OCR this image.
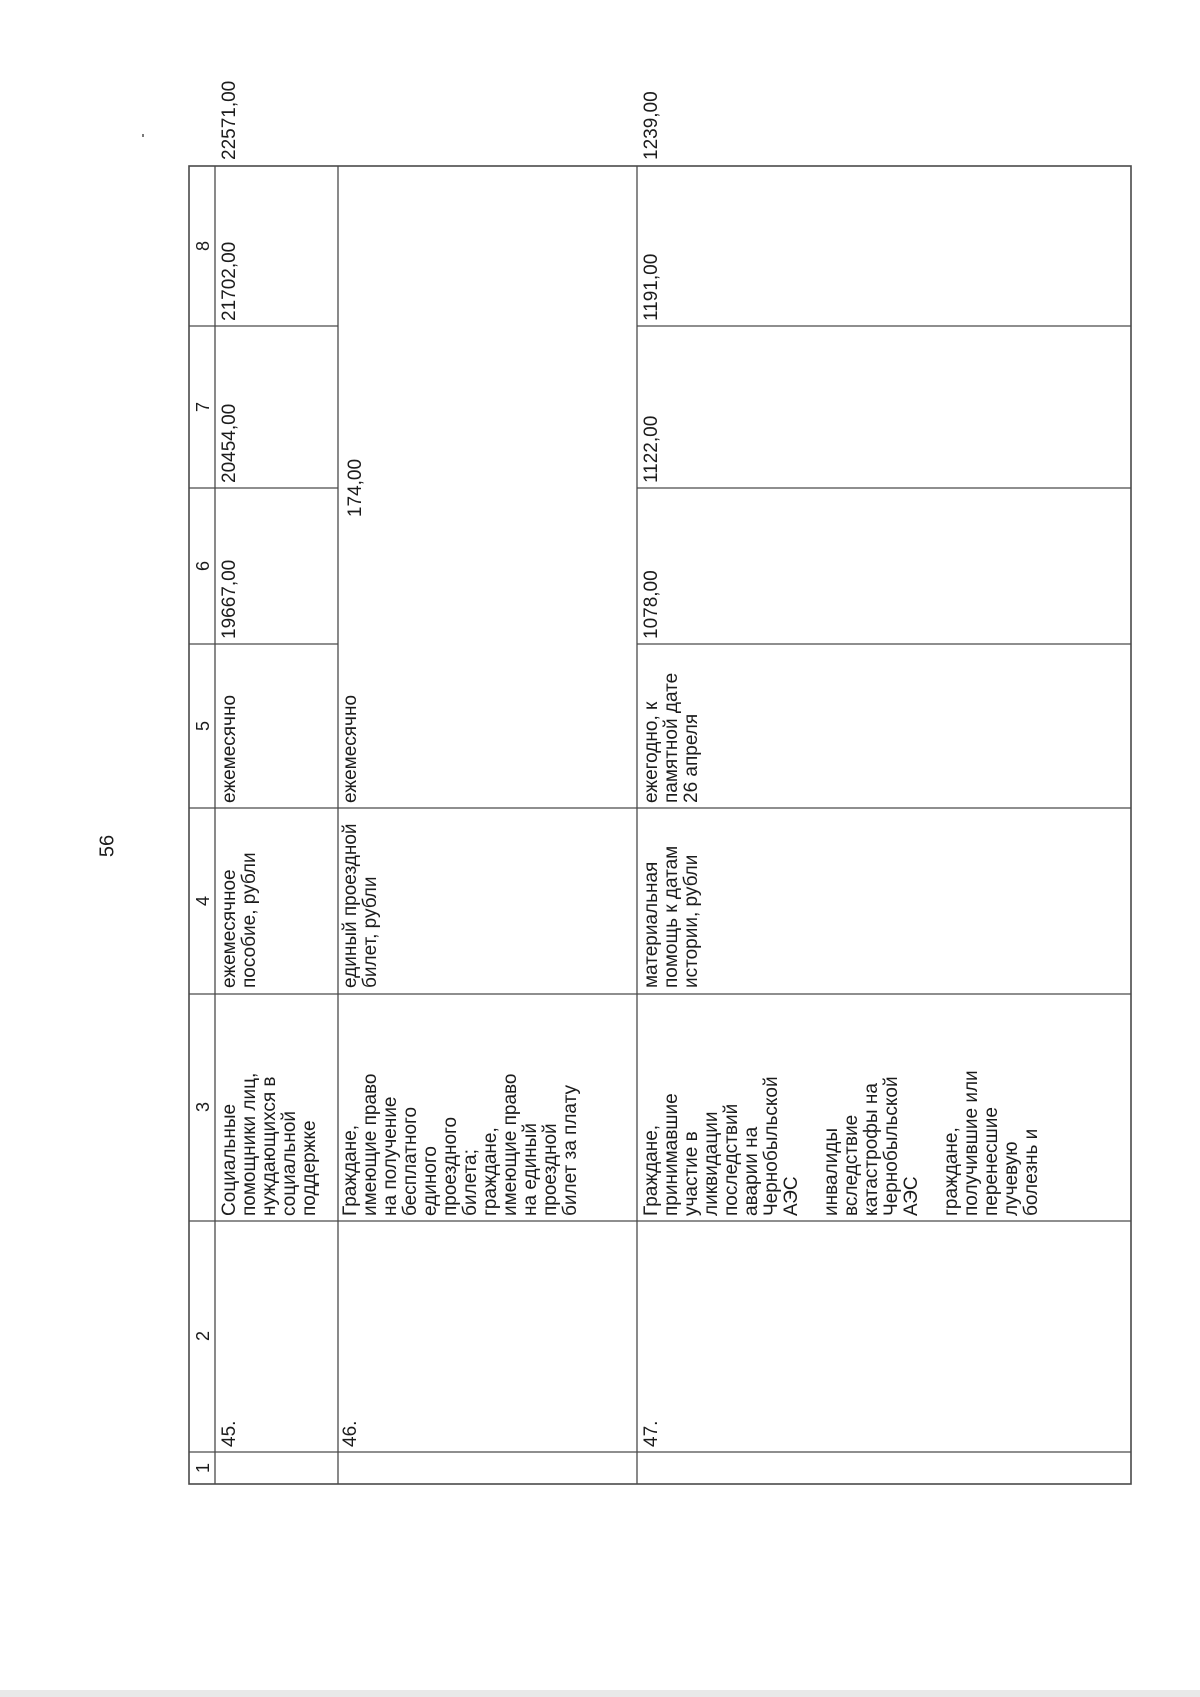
56
1
2
3
4
5
6
7
8
45.
Социальные помощники лиц, нуждающихся в социальной поддержке
ежемесячное пособие, рубли
ежемесячно
19667,00
20454,00
21702,00
22571,00
46.
Граждане, имеющие право на получение бесплатного единого проездного билета; граждане, имеющие право на единый проездной билет за плату
единый проездной билет, рубли
ежемесячно
174,00
47.
Граждане, принимавшие участие в ликвидации последствий аварии на Чернобыльской АЭС инвалиды вследствие катастрофы на Чернобыльской АЭС граждане, получившие или перенесшие лучевую болезнь и
материальная помощь к датам истории, рубли
ежегодно, к памятной дате 26 апреля
1078,00
1122,00
1191,00
1239,00
